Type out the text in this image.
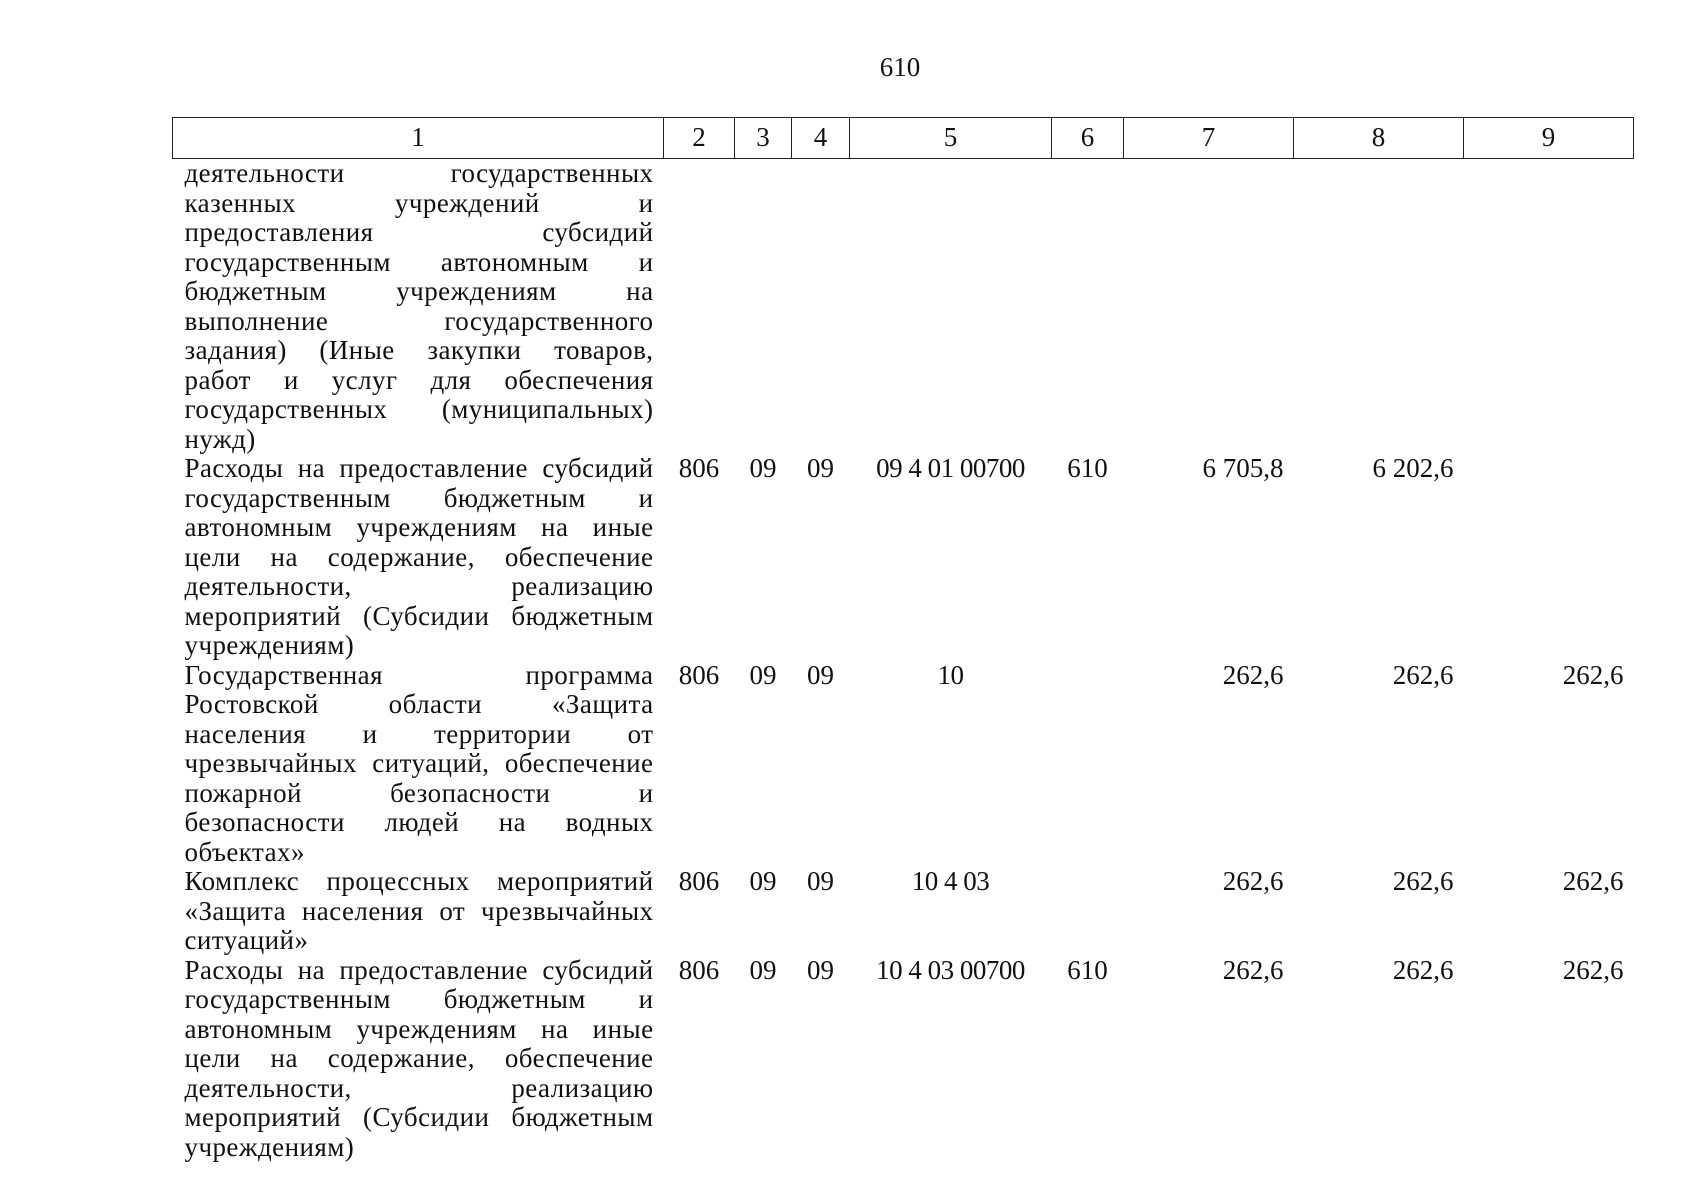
610
1	2	3	4	5	6	7	8	9
деятельности государственных казенных учреждений и предоставления субсидий государственным автономным и бюджетным учреждениям на выполнение государственного задания) (Иные закупки товаров, работ и услуг для обеспечения государственных (муниципальных) нужд)								
Расходы на предоставление субсидий государственным бюджетным и автономным учреждениям на иные цели на содержание, обеспечение деятельности, реализацию мероприятий (Субсидии бюджетным учреждениям)	806	09	09	09 4 01 00700	610	6 705,8	6 202,6	
Государственная программа Ростовской области «Защита населения и территории от чрезвычайных ситуаций, обеспечение пожарной безопасности и безопасности людей на водных объектах»	806	09	09	10		262,6	262,6	262,6
Комплекс процессных мероприятий «Защита населения от чрезвычайных ситуаций»	806	09	09	10 4 03		262,6	262,6	262,6
Расходы на предоставление субсидий государственным бюджетным и автономным учреждениям на иные цели на содержание, обеспечение деятельности, реализацию мероприятий (Субсидии бюджетным учреждениям)	806	09	09	10 4 03 00700	610	262,6	262,6	262,6
